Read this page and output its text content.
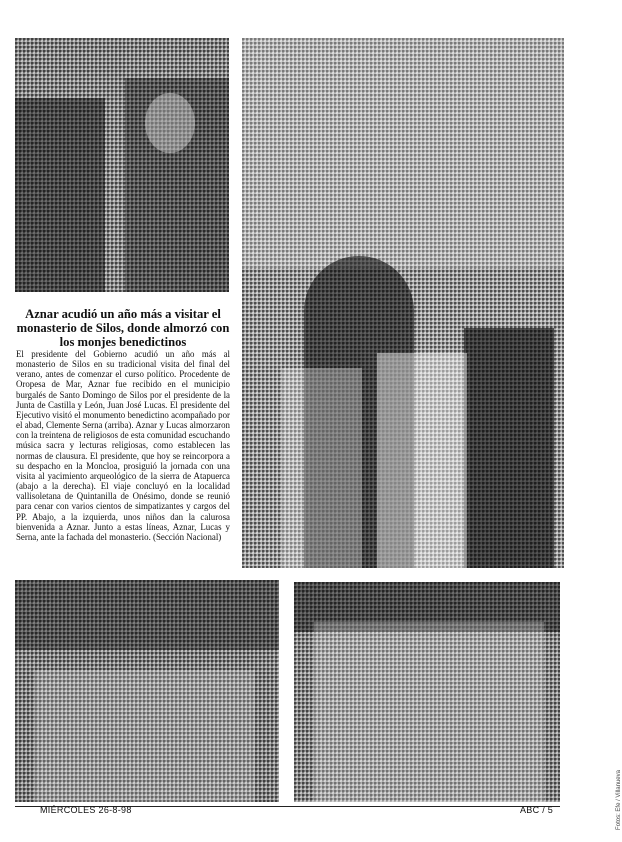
Aznar acudió un año más a visitar el monasterio de Silos, donde almorzó con los monjes benedictinos

El presidente del Gobierno acudió un año más al monasterio de Silos en su tradicional visita del final del verano, antes de comenzar el curso político. Procedente de Oropesa de Mar, Aznar fue recibido en el municipio burgalés de Santo Domingo de Silos por el presidente de la Junta de Castilla y León, Juan José Lucas. El presidente del Ejecutivo visitó el monumento benedictino acompañado por el abad, Clemente Serna (arriba). Aznar y Lucas almorzaron con la treintena de religiosos de esta comunidad escuchando música sacra y lecturas religiosas, como establecen las normas de clausura. El presidente, que hoy se reincorpora a su despacho en la Moncloa, prosiguió la jornada con una visita al yacimiento arqueológico de la sierra de Atapuerca (abajo a la derecha). El viaje concluyó en la localidad vallisoletana de Quintanilla de Onésimo, donde se reunió para cenar con varios cientos de simpatizantes y cargos del PP. Abajo, a la izquierda, unos niños dan la calurosa bienvenida a Aznar. Junto a estas líneas, Aznar, Lucas y Serna, ante la fachada del monasterio. (Sección Nacional)

Fotos: Efe / Villanueva
MIÉRCOLES 26-8-98	ABC / 5
